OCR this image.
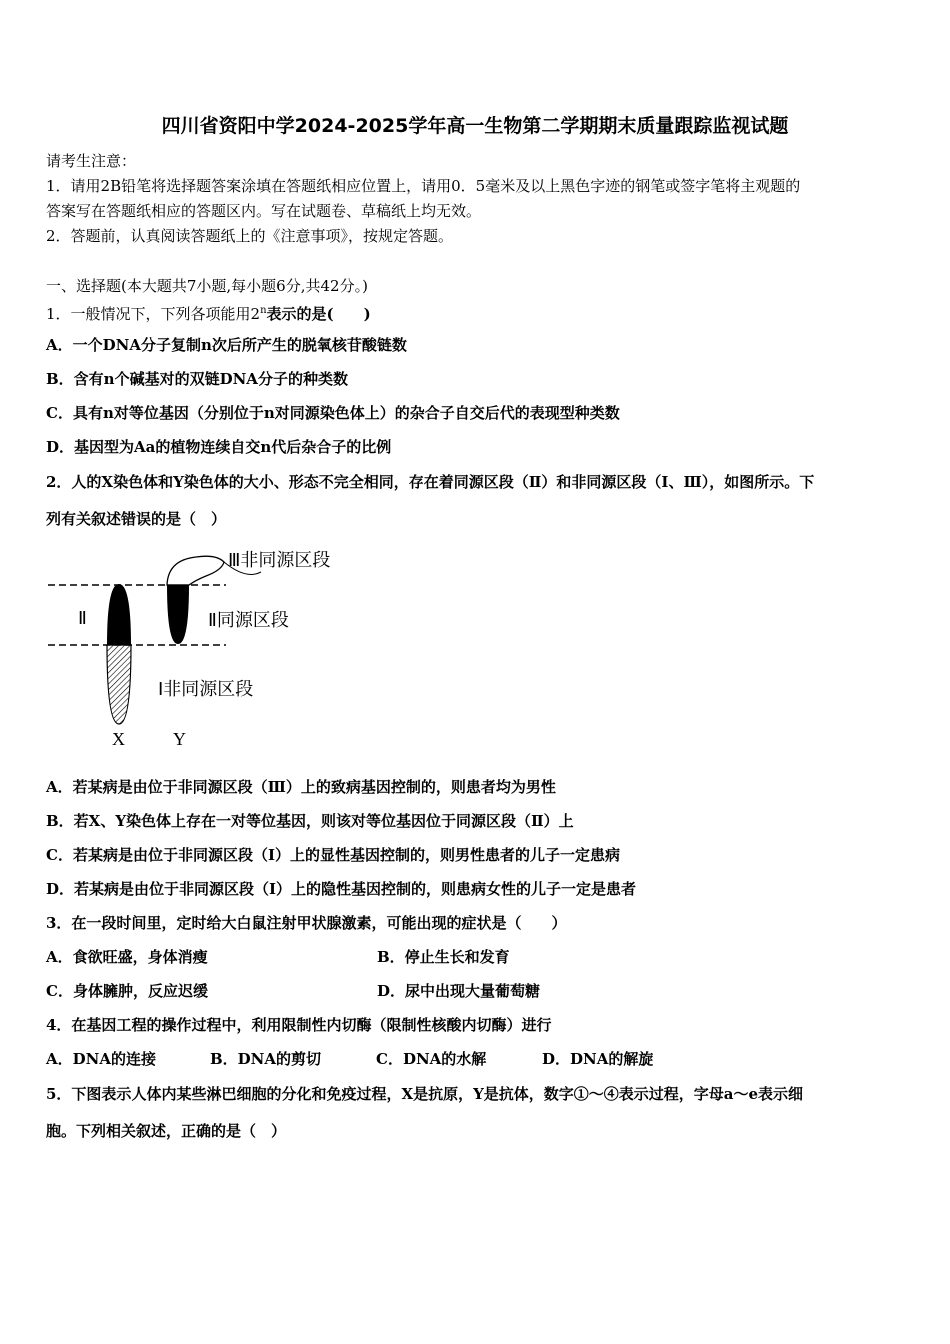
四川省资阳中学2024-2025学年高一生物第二学期期末质量跟踪监视试题
请考生注意：
1．请用2B铅笔将选择题答案涂填在答题纸相应位置上，请用0．5毫米及以上黑色字迹的钢笔或签字笔将主观题的
答案写在答题纸相应的答题区内。写在试题卷、草稿纸上均无效。
2．答题前，认真阅读答题纸上的《注意事项》，按规定答题。
一、选择题(本大题共7小题,每小题6分,共42分。)
1．一般情况下，下列各项能用2$^n$表示的是(　　)
A．一个DNA分子复制n次后所产生的脱氧核苷酸链数
B．含有n个碱基对的双链DNA分子的种类数
C．具有n对等位基因（分别位于n对同源染色体上）的杂合子自交后代的表现型种类数
D．基因型为Aa的植物连续自交n代后杂合子的比例
2．人的X染色体和Y染色体的大小、形态不完全相同，存在着同源区段（Ⅱ）和非同源区段（Ⅰ、Ⅲ），如图所示。下
列有关叙述错误的是（　）
Ⅲ非同源区段
Ⅱ	Ⅱ同源区段
Ⅰ非同源区段
X	Y
A．若某病是由位于非同源区段（Ⅲ）上的致病基因控制的，则患者均为男性
B．若X、Y染色体上存在一对等位基因，则该对等位基因位于同源区段（Ⅱ）上
C．若某病是由位于非同源区段（Ⅰ）上的显性基因控制的，则男性患者的儿子一定患病
D．若某病是由位于非同源区段（Ⅰ）上的隐性基因控制的，则患病女性的儿子一定是患者
3．在一段时间里，定时给大白鼠注射甲状腺激素，可能出现的症状是（　　）
A．食欲旺盛，身体消瘦	B．停止生长和发育
C．身体臃肿，反应迟缓	D．尿中出现大量葡萄糖
4．在基因工程的操作过程中，利用限制性内切酶（限制性核酸内切酶）进行
A．DNA的连接	B．DNA的剪切	C．DNA的水解	D．DNA的解旋
5．下图表示人体内某些淋巴细胞的分化和免疫过程，X是抗原，Y是抗体，数字①～④表示过程，字母a～e表示细
胞。下列相关叙述，正确的是（　）
